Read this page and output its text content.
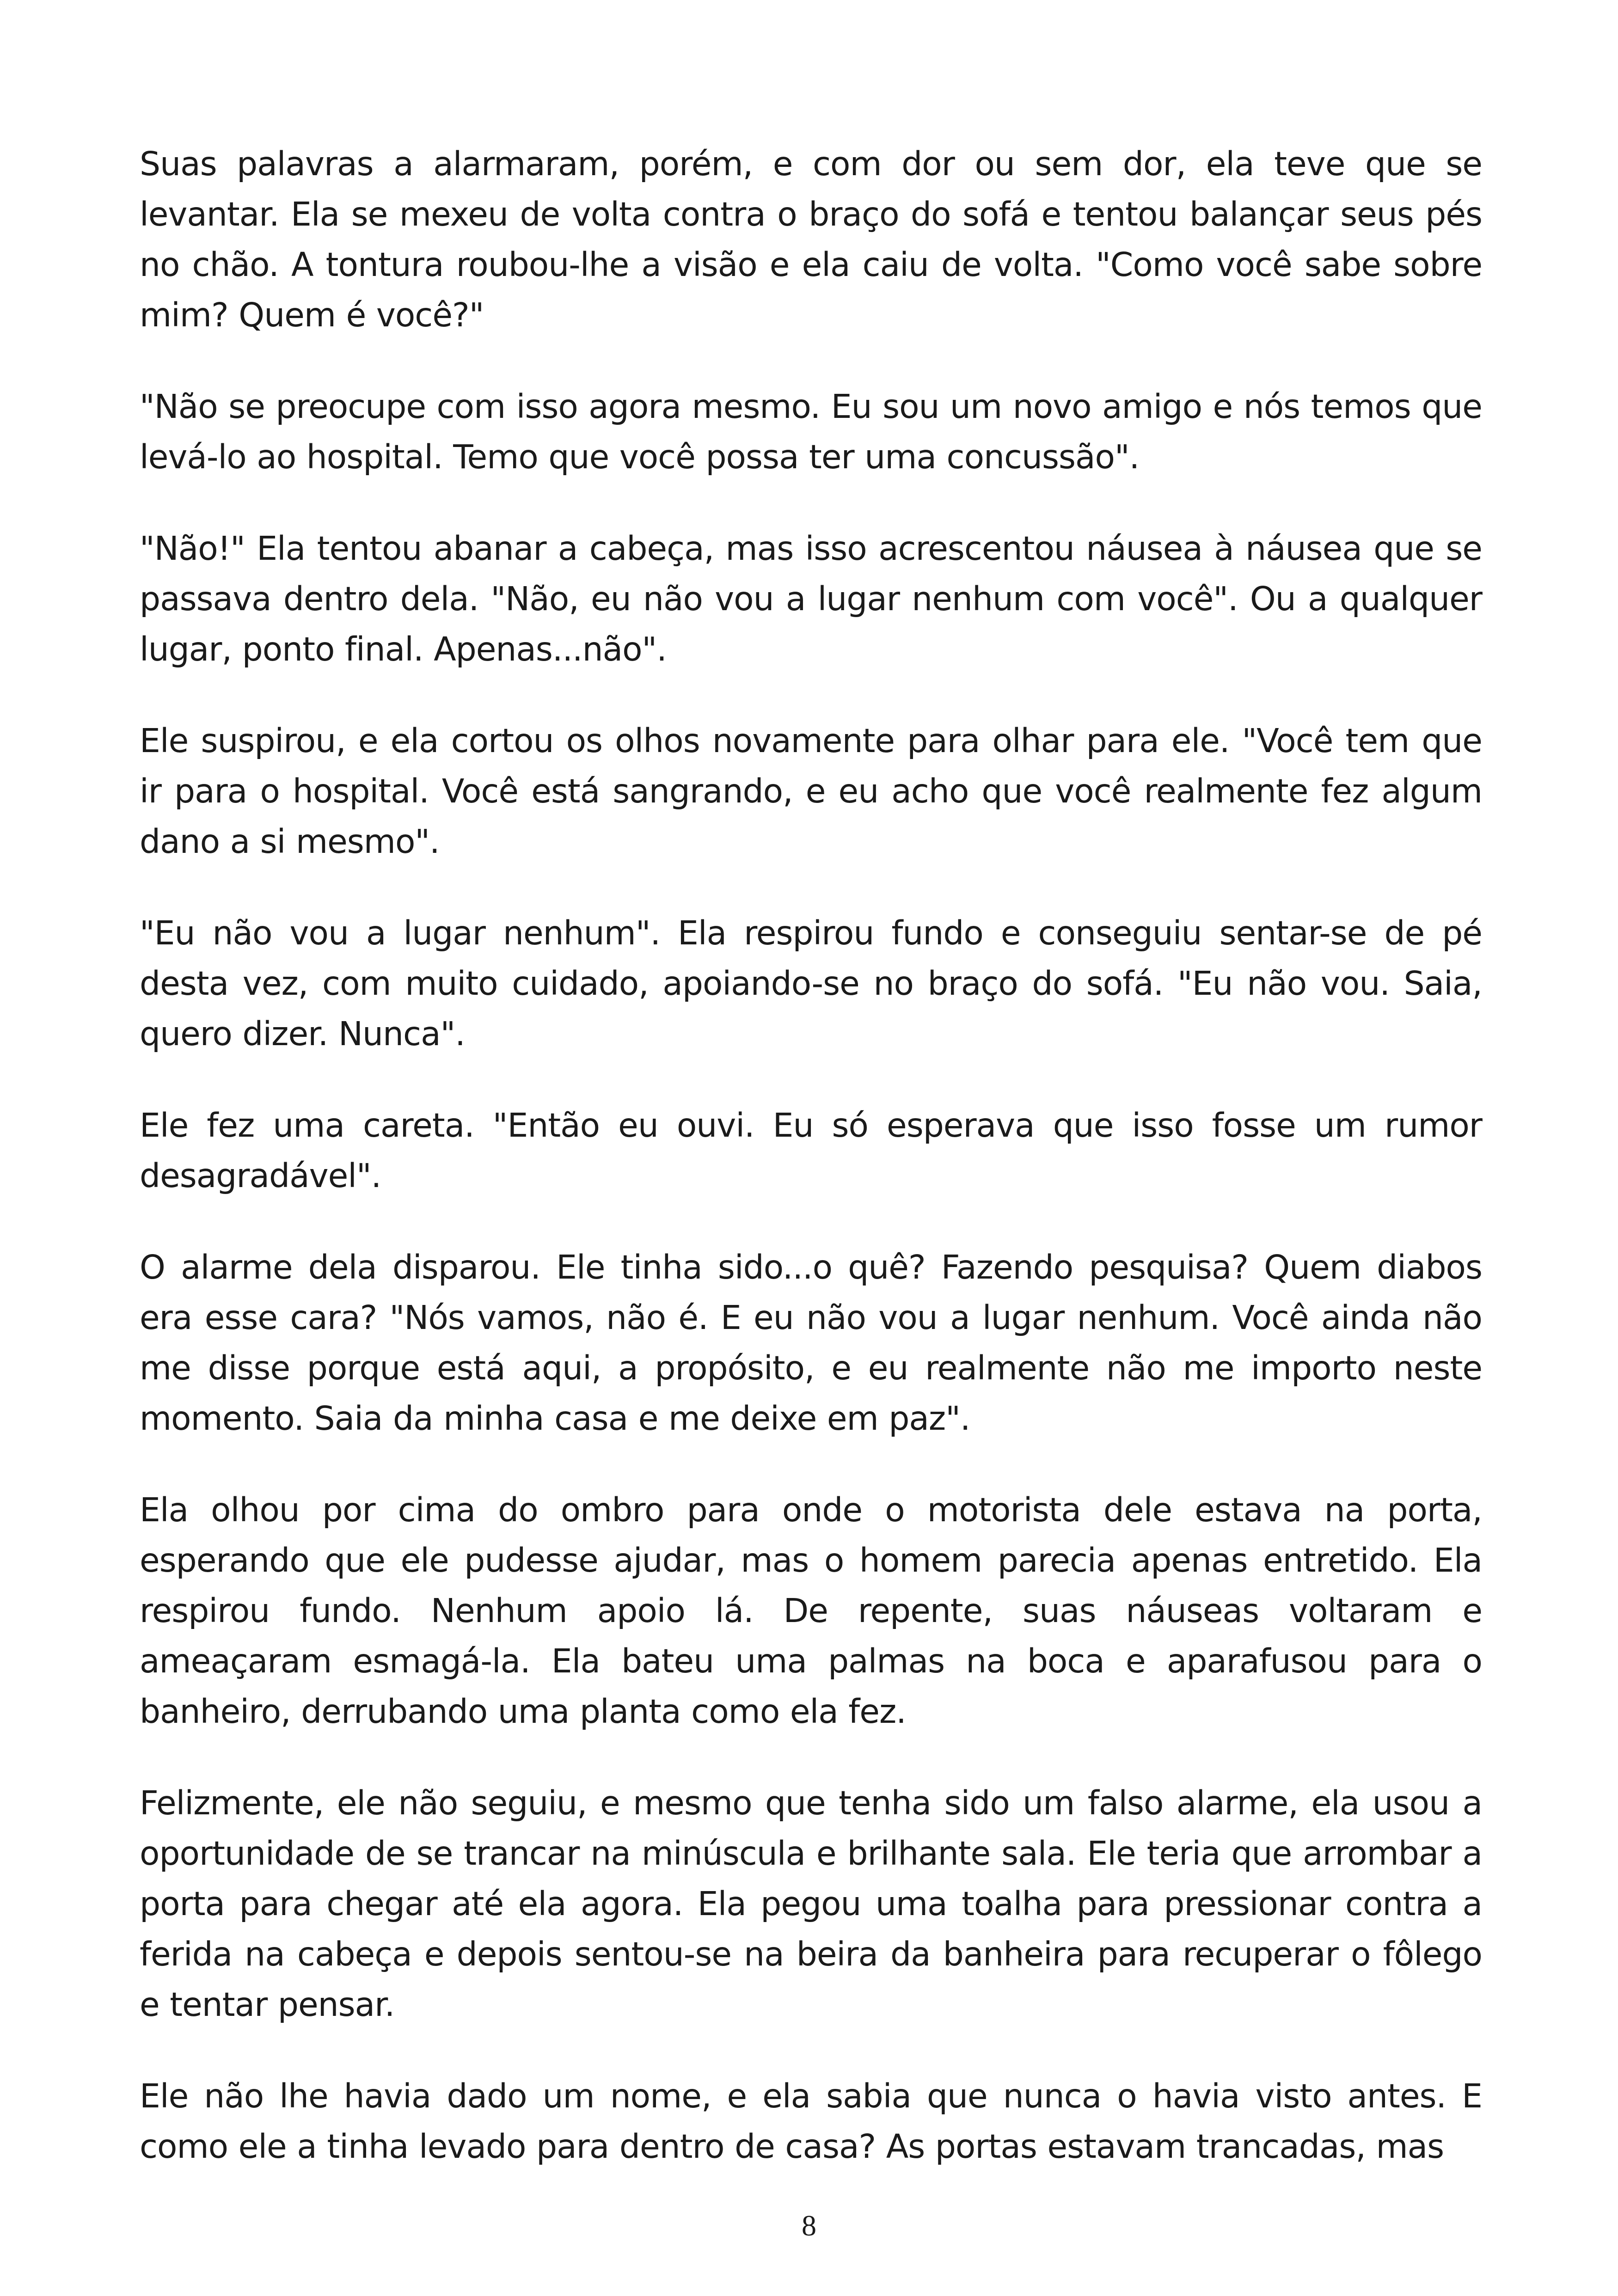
Suas palavras a alarmaram, porém, e com dor ou sem dor, ela teve que se levantar. Ela se mexeu de volta contra o braço do sofá e tentou balançar seus pés no chão. A tontura roubou-lhe a visão e ela caiu de volta. "Como você sabe sobre mim? Quem é você?"

"Não se preocupe com isso agora mesmo. Eu sou um novo amigo e nós temos que levá-lo ao hospital. Temo que você possa ter uma concussão".

"Não!" Ela tentou abanar a cabeça, mas isso acrescentou náusea à náusea que se passava dentro dela. "Não, eu não vou a lugar nenhum com você". Ou a qualquer lugar, ponto final. Apenas...não".

Ele suspirou, e ela cortou os olhos novamente para olhar para ele. "Você tem que ir para o hospital. Você está sangrando, e eu acho que você realmente fez algum dano a si mesmo".

"Eu não vou a lugar nenhum". Ela respirou fundo e conseguiu sentar-se de pé desta vez, com muito cuidado, apoiando-se no braço do sofá. "Eu não vou. Saia, quero dizer. Nunca".

Ele fez uma careta. "Então eu ouvi. Eu só esperava que isso fosse um rumor desagradável".

O alarme dela disparou. Ele tinha sido...o quê? Fazendo pesquisa? Quem diabos era esse cara? "Nós vamos, não é. E eu não vou a lugar nenhum. Você ainda não me disse porque está aqui, a propósito, e eu realmente não me importo neste momento. Saia da minha casa e me deixe em paz".

Ela olhou por cima do ombro para onde o motorista dele estava na porta, esperando que ele pudesse ajudar, mas o homem parecia apenas entretido. Ela respirou fundo. Nenhum apoio lá. De repente, suas náuseas voltaram e ameaçaram esmagá-la. Ela bateu uma palmas na boca e aparafusou para o banheiro, derrubando uma planta como ela fez.

Felizmente, ele não seguiu, e mesmo que tenha sido um falso alarme, ela usou a oportunidade de se trancar na minúscula e brilhante sala. Ele teria que arrombar a porta para chegar até ela agora. Ela pegou uma toalha para pressionar contra a ferida na cabeça e depois sentou-se na beira da banheira para recuperar o fôlego e tentar pensar.

Ele não lhe havia dado um nome, e ela sabia que nunca o havia visto antes. E como ele a tinha levado para dentro de casa? As portas estavam trancadas, mas

8
